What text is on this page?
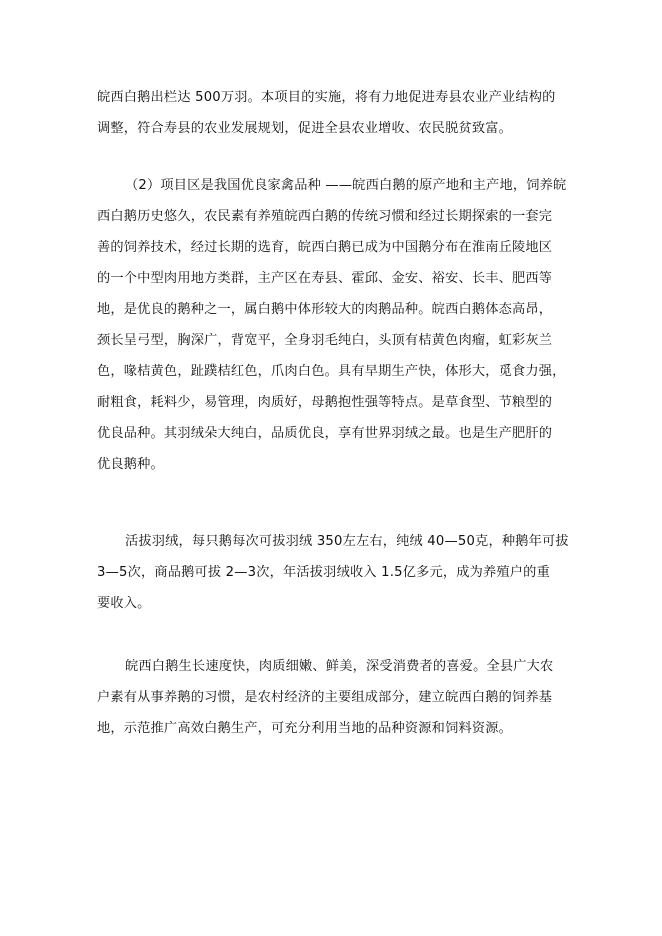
皖西白鹅出栏达 500万羽。本项目的实施，将有力地促进寿县农业产业结构的
调整，符合寿县的农业发展规划，促进全县农业增收、农民脱贫致富。
（2）项目区是我国优良家禽品种 ——皖西白鹅的原产地和主产地，饲养皖
西白鹅历史悠久，农民素有养殖皖西白鹅的传统习惯和经过长期探索的一套完
善的饲养技术，经过长期的选育，皖西白鹅已成为中国鹅分布在淮南丘陵地区
的一个中型肉用地方类群，主产区在寿县、霍邱、金安、裕安、长丰、肥西等
地，是优良的鹅种之一，属白鹅中体形较大的肉鹅品种。皖西白鹅体态高昂，
颈长呈弓型，胸深广，背宽平，全身羽毛纯白，头顶有桔黄色肉瘤，虹彩灰兰
色，喙桔黄色，趾蹼桔红色，爪肉白色。具有早期生产快，体形大，觅食力强，
耐粗食，耗料少，易管理，肉质好，母鹅抱性强等特点。是草食型、节粮型的
优良品种。其羽绒朵大纯白，品质优良，享有世界羽绒之最。也是生产肥肝的
优良鹅种。
活拔羽绒，每只鹅每次可拔羽绒 350左左右，纯绒 40—50克，种鹅年可拔
3—5次，商品鹅可拔 2—3次，年活拔羽绒收入 1.5亿多元，成为养殖户的重
要收入。
皖西白鹅生长速度快，肉质细嫩、鲜美，深受消费者的喜爱。全县广大农
户素有从事养鹅的习惯，是农村经济的主要组成部分，建立皖西白鹅的饲养基
地，示范推广高效白鹅生产，可充分利用当地的品种资源和饲料资源。
